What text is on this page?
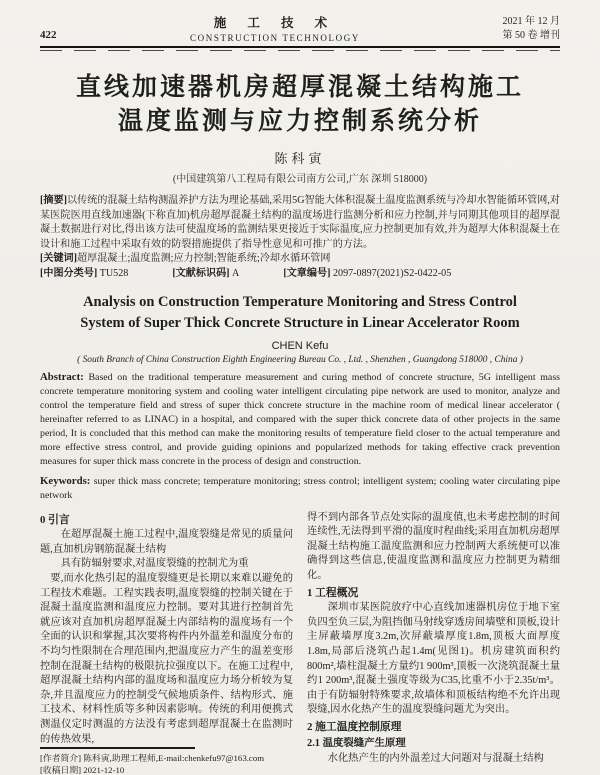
422
施 工 技 术
CONSTRUCTION TECHNOLOGY
2021 年 12 月
第 50 卷 增刊
直线加速器机房超厚混凝土结构施工
温度监测与应力控制系统分析
陈科寅
(中国建筑第八工程局有限公司南方公司,广东 深圳 518000)

[摘要]以传统的混凝土结构测温养护方法为理论基础,采用5G智能大体积混凝土温度监测系统与冷却水智能循环管网,对某医院医用直线加速器(下称直加)机房超厚混凝土结构的温度场进行监测分析和应力控制,并与同期其他项目的超厚混凝土数据进行对比,得出该方法可使温度场的监测结果更接近于实际温度,应力控制更加有效,并为超厚大体积混凝土在设计和施工过程中采取有效的防裂措施提供了指导性意见和可推广的方法。

[关键词]超厚混凝土;温度监测;应力控制;智能系统;冷却水循环管网

[中图分类号] TU528	[文献标识码] A	[文章编号] 2097-0897(2021)S2-0422-05

Analysis on Construction Temperature Monitoring and Stress Control
System of Super Thick Concrete Structure in Linear Accelerator Room
CHEN Kefu
( South Branch of China Construction Eighth Engineering Bureau Co. , Ltd. , Shenzhen , Guangdong 518000 , China )

Abstract: Based on the traditional temperature measurement and curing method of concrete structure, 5G intelligent mass concrete temperature monitoring system and cooling water intelligent circulating pipe network are used to monitor, analyze and control the temperature field and stress of super thick concrete structure in the machine room of medical linear accelerator ( hereinafter referred to as LINAC) in a hospital, and compared with the super thick concrete data of other projects in the same period, It is concluded that this method can make the monitoring results of temperature field closer to the actual temperature and more effective stress control, and provide guiding opinions and popularized methods for taking effective crack prevention measures for super thick mass concrete in the process of design and construction.

Keywords: super thick mass concrete; temperature monitoring; stress control; intelligent system; cooling water circulating pipe network

0 引言

在超厚混凝土施工过程中,温度裂缝是常见的质量问题,直加机房钢筋混凝土结构

具有防辐射要求,对温度裂缝的控制尤为重

要,而水化热引起的温度裂缝更是长期以来难以避免的工程技术难题。工程实践表明,温度裂缝的控制关键在于混凝土温度监测和温度应力控制。要对其进行控制首先就应该对直加机房超厚混凝土内部结构的温度场有一个全面的认识和掌握,其次要将构件内外温差和温度分布的不均匀性限制在合理范围内,把温度应力产生的温差变形控制在混凝土结构的极限抗拉强度以下。在施工过程中,超厚混凝土结构内部的温度场和温度应力场分析较为复杂,并且温度应力的控制受气候地质条件、结构形式、施工技术、材料性质等多种因素影响。传统的利用便携式测温仪定时测温的方法没有考虑到超厚混凝土在监测时的传热效果,

[作者简介] 陈科寅,助理工程师,E-mail:chenkefu97@163.com
[收稿日期] 2021-12-10

得不到内部各节点处实际的温度值,也未考虑控制的时间连续性,无法得到平滑的温度时程曲线;采用直加机房超厚混凝土结构施工温度监测和应力控制两大系统便可以准确得到这些信息,使温度监测和温度应力控制更为精细化。

1 工程概况

深圳市某医院放疗中心直线加速器机房位于地下室负四至负三层,为阻挡伽马射线穿透房间墙壁和顶板,设计主屏蔽墙厚度3.2m,次屏蔽墙厚度1.8m,顶板大面厚度1.8m,局部后浇筑凸起1.4m(见图1)。机房建筑面积约800m²,墙柱混凝土方量约1 900m³,顶板一次浇筑混凝土量约1 200m³,混凝土强度等级为C35,比重不小于2.35t/m³。由于有防辐射特殊要求,故墙体和顶板结构绝不允许出现裂缝,因水化热产生的温度裂缝问题尤为突出。

2 施工温度控制原理
2.1 温度裂缝产生原理

水化热产生的内外温差过大问题对与混凝土结构
